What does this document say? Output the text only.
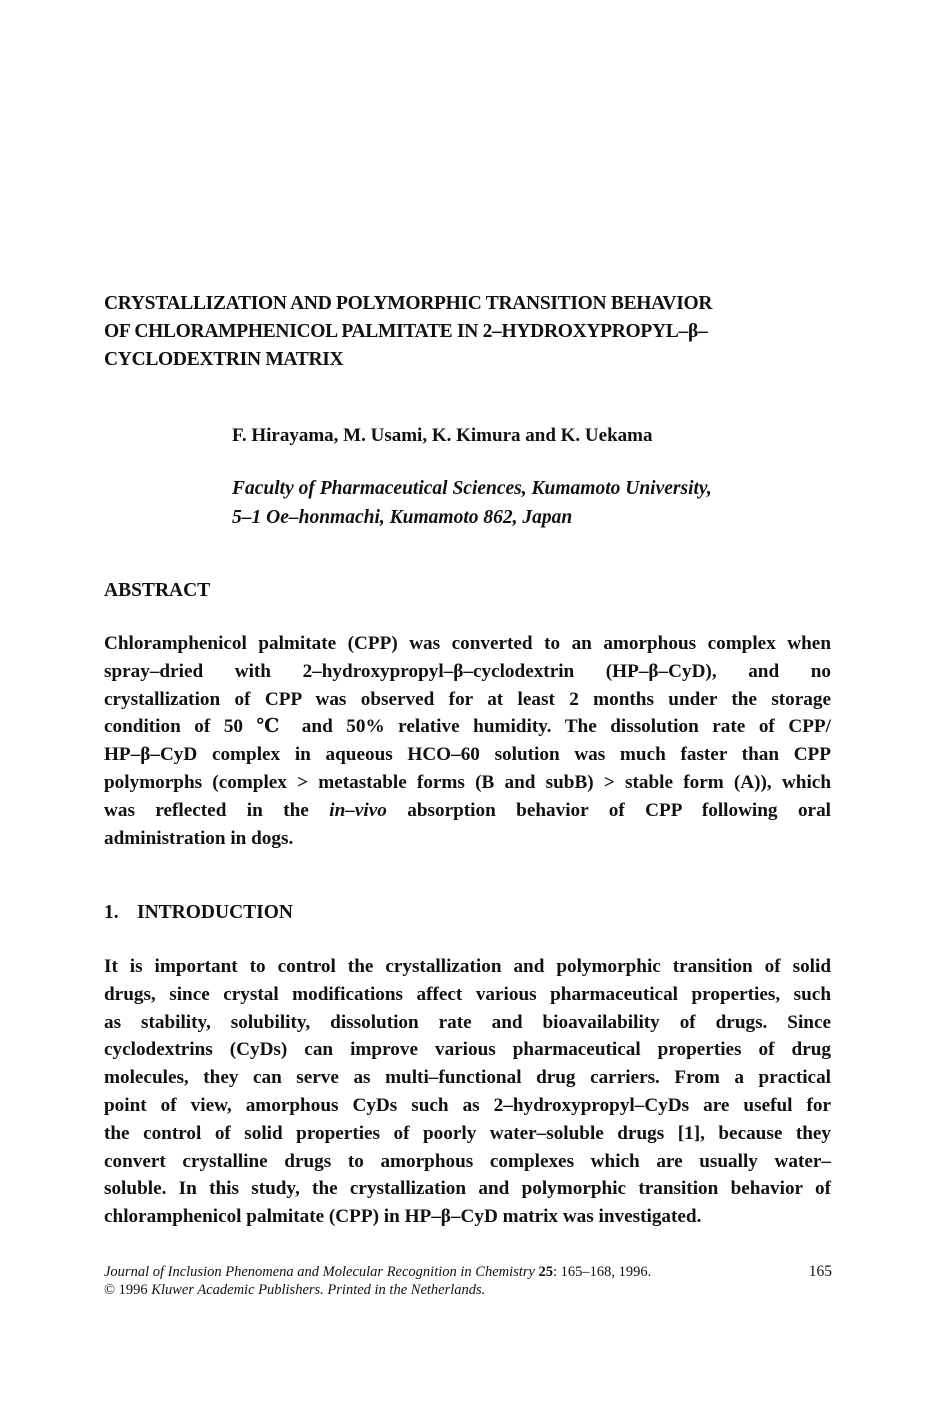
CRYSTALLIZATION AND POLYMORPHIC TRANSITION BEHAVIOR
OF CHLORAMPHENICOL PALMITATE IN 2–HYDROXYPROPYL–β–
CYCLODEXTRIN MATRIX
F. Hirayama, M. Usami, K. Kimura and K. Uekama
Faculty of Pharmaceutical Sciences, Kumamoto University,
5–1 Oe–honmachi, Kumamoto 862, Japan
ABSTRACT
Chloramphenicol palmitate (CPP) was converted to an amorphous complex when
spray–dried with 2–hydroxypropyl–β–cyclodextrin (HP–β–CyD), and no
crystallization of CPP was observed for at least 2 months under the storage
condition of 50 ℃ and 50% relative humidity. The dissolution rate of CPP/
HP–β–CyD complex in aqueous HCO–60 solution was much faster than CPP
polymorphs (complex > metastable forms (B and subB) > stable form (A)), which
was reflected in the in–vivo absorption behavior of CPP following oral
administration in dogs.
1. INTRODUCTION
It is important to control the crystallization and polymorphic transition of solid
drugs, since crystal modifications affect various pharmaceutical properties, such
as stability, solubility, dissolution rate and bioavailability of drugs. Since
cyclodextrins (CyDs) can improve various pharmaceutical properties of drug
molecules, they can serve as multi–functional drug carriers. From a practical
point of view, amorphous CyDs such as 2–hydroxypropyl–CyDs are useful for
the control of solid properties of poorly water–soluble drugs [1], because they
convert crystalline drugs to amorphous complexes which are usually water–
soluble. In this study, the crystallization and polymorphic transition behavior of
chloramphenicol palmitate (CPP) in HP–β–CyD matrix was investigated.
Journal of Inclusion Phenomena and Molecular Recognition in Chemistry 25: 165–168, 1996.	165
© 1996 Kluwer Academic Publishers. Printed in the Netherlands.
